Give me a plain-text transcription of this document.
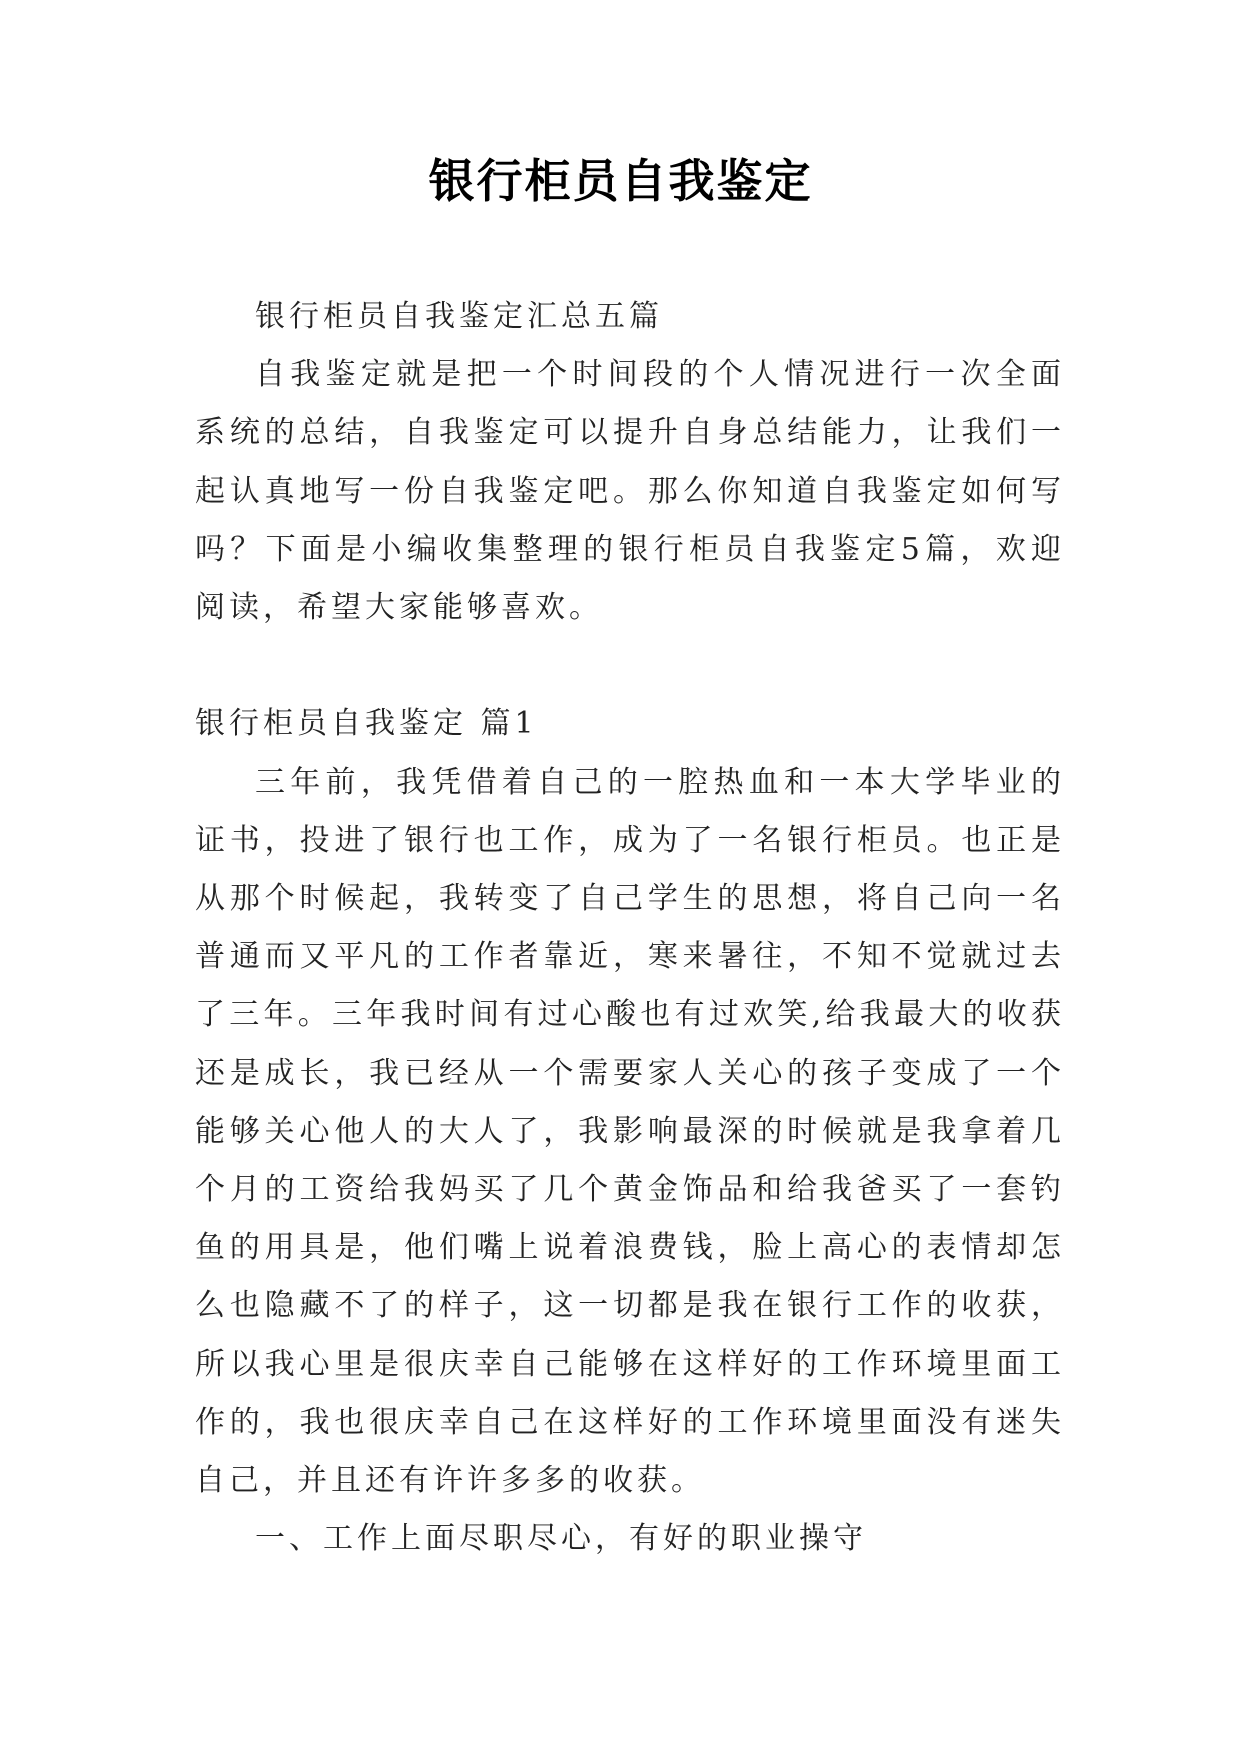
银行柜员自我鉴定

银行柜员自我鉴定汇总五篇

自我鉴定就是把一个时间段的个人情况进行一次全面系统的总结，自我鉴定可以提升自身总结能力，让我们一起认真地写一份自我鉴定吧。那么你知道自我鉴定如何写吗？下面是小编收集整理的银行柜员自我鉴定5篇，欢迎阅读，希望大家能够喜欢。

银行柜员自我鉴定 篇1

三年前，我凭借着自己的一腔热血和一本大学毕业的证书，投进了银行也工作，成为了一名银行柜员。也正是从那个时候起，我转变了自己学生的思想，将自己向一名普通而又平凡的工作者靠近，寒来暑往，不知不觉就过去了三年。三年我时间有过心酸也有过欢笑,给我最大的收获还是成长，我已经从一个需要家人关心的孩子变成了一个能够关心他人的大人了，我影响最深的时候就是我拿着几个月的工资给我妈买了几个黄金饰品和给我爸买了一套钓鱼的用具是，他们嘴上说着浪费钱，脸上高心的表情却怎么也隐藏不了的样子，这一切都是我在银行工作的收获，所以我心里是很庆幸自己能够在这样好的工作环境里面工作的，我也很庆幸自己在这样好的工作环境里面没有迷失自己，并且还有许许多多的收获。

一、工作上面尽职尽心，有好的职业操守
